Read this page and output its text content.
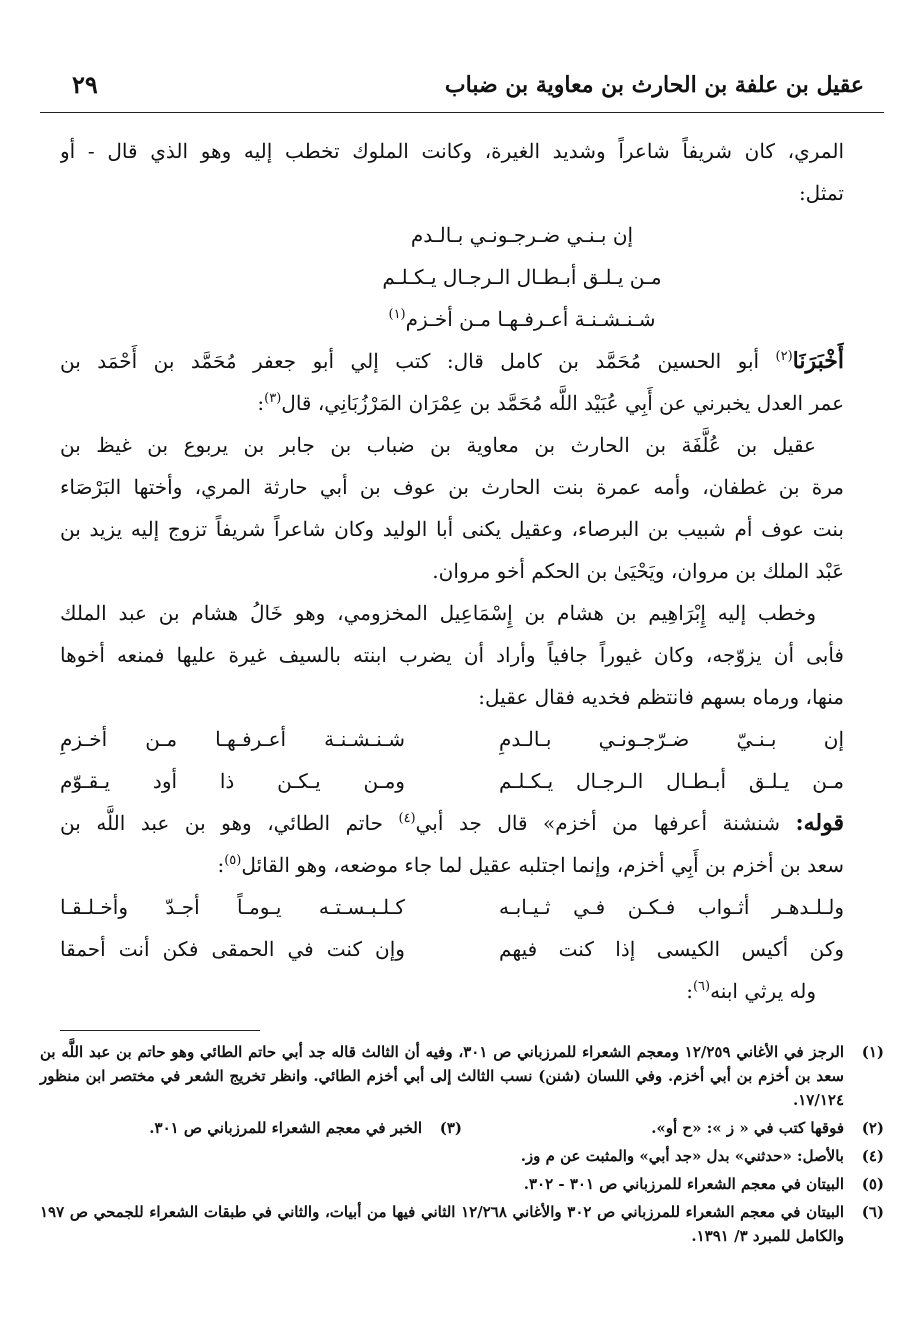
عقيل بن علفة بن الحارث بن معاوية بن ضباب
٢٩
المري، كان شريفاً شاعراً وشديد الغيرة، وكانت الملوك تخطب إليه وهو الذي قال - أو
تمثل:
إن بـنـي ضـرجـونـي بـالـدم
مـن يـلـق أبـطـال الـرجـال يـكـلـم
شـنـشـنـة أعـرفـهـا مـن أخـزم$^{(١)}$
أَخْبَرَنَا$^{(٢)}$ أبو الحسين مُحَمَّد بن كامل قال: كتب إلي أبو جعفر مُحَمَّد بن أَحْمَد بن
عمر العدل يخبرني عن أَبِي عُبَيْد اللَّه مُحَمَّد بن عِمْرَان المَرْزُبَانِي، قال$^{(٣)}$:
عقيل بن عُلَّفَة بن الحارث بن معاوية بن ضباب بن جابر بن يربوع بن غيظ بن
مرة بن غطفان، وأمه عمرة بنت الحارث بن عوف بن أبي حارثة المري، وأختها البَرْصَاء
بنت عوف أم شبيب بن البرصاء، وعقيل يكنى أبا الوليد وكان شاعراً شريفاً تزوج إليه يزيد بن
عَبْد الملك بن مروان، ويَحْيَىٰ بن الحكم أخو مروان.
وخطب إليه إِبْرَاهِيم بن هشام بن إِسْمَاعِيل المخزومي، وهو خَالُ هشام بن عبد الملك
فأبى أن يزوّجه، وكان غيوراً جافياً وأراد أن يضرب ابنته بالسيف غيرة عليها فمنعه أخوها
منها، ورماه بسهم فانتظم فخديه فقال عقيل:
إن بـنـيّ ضـرّجـونـي بـالـدمِ
شـنـشـنـة أعـرفـهـا مـن أخـزمِ
مـن يـلـق أبـطـال الـرجـال يـكـلـم
ومـن يـكـن ذا أود يـقـوّم
قوله: شنشنة أعرفها من أخزم» قال جد أبي$^{(٤)}$ حاتم الطائي، وهو بن عبد اللَّه بن
سعد بن أخزم بن أَبِي أخزم، وإنما اجتلبه عقيل لما جاء موضعه، وهو القائل$^{(٥)}$:
ولـلـدهـر أثـواب فـكـن فـي ثـيـابـه
كـلـبـسـتـه يـومـاً أجـدّ وأخـلـقـا
وكن أكيس الكيسى إذا كنت فيهم
وإن كنت في الحمقى فكن أنت أحمقا
وله يرثي ابنه$^{(٦)}$:
(١)
الرجز في الأغاني ١٢/٢٥٩ ومعجم الشعراء للمرزباني ص ٣٠١، وفيه أن الثالث قاله جد أبي حاتم الطائي وهو حاتم بن عبد اللَّه بن سعد بن أخزم بن أبي أخزم. وفي اللسان (شنن) نسب الثالث إلى أبي أخزم الطائي. وانظر تخريج الشعر في مختصر ابن منظور ١٧/١٢٤.
(٢)
فوقها كتب في « ز »: «ح أو».
(٣)
الخبر في معجم الشعراء للمرزباني ص ٣٠١.
(٤)
بالأصل: «حدثني» بدل «جد أبي» والمثبت عن م وز.
(٥)
البيتان في معجم الشعراء للمرزباني ص ٣٠١ - ٣٠٢.
(٦)
البيتان في معجم الشعراء للمرزباني ص ٣٠٢ والأغاني ١٢/٢٦٨ الثاني فيها من أبيات، والثاني في طبقات الشعراء للجمحي ص ١٩٧ والكامل للمبرد ٣/ ١٣٩١.
